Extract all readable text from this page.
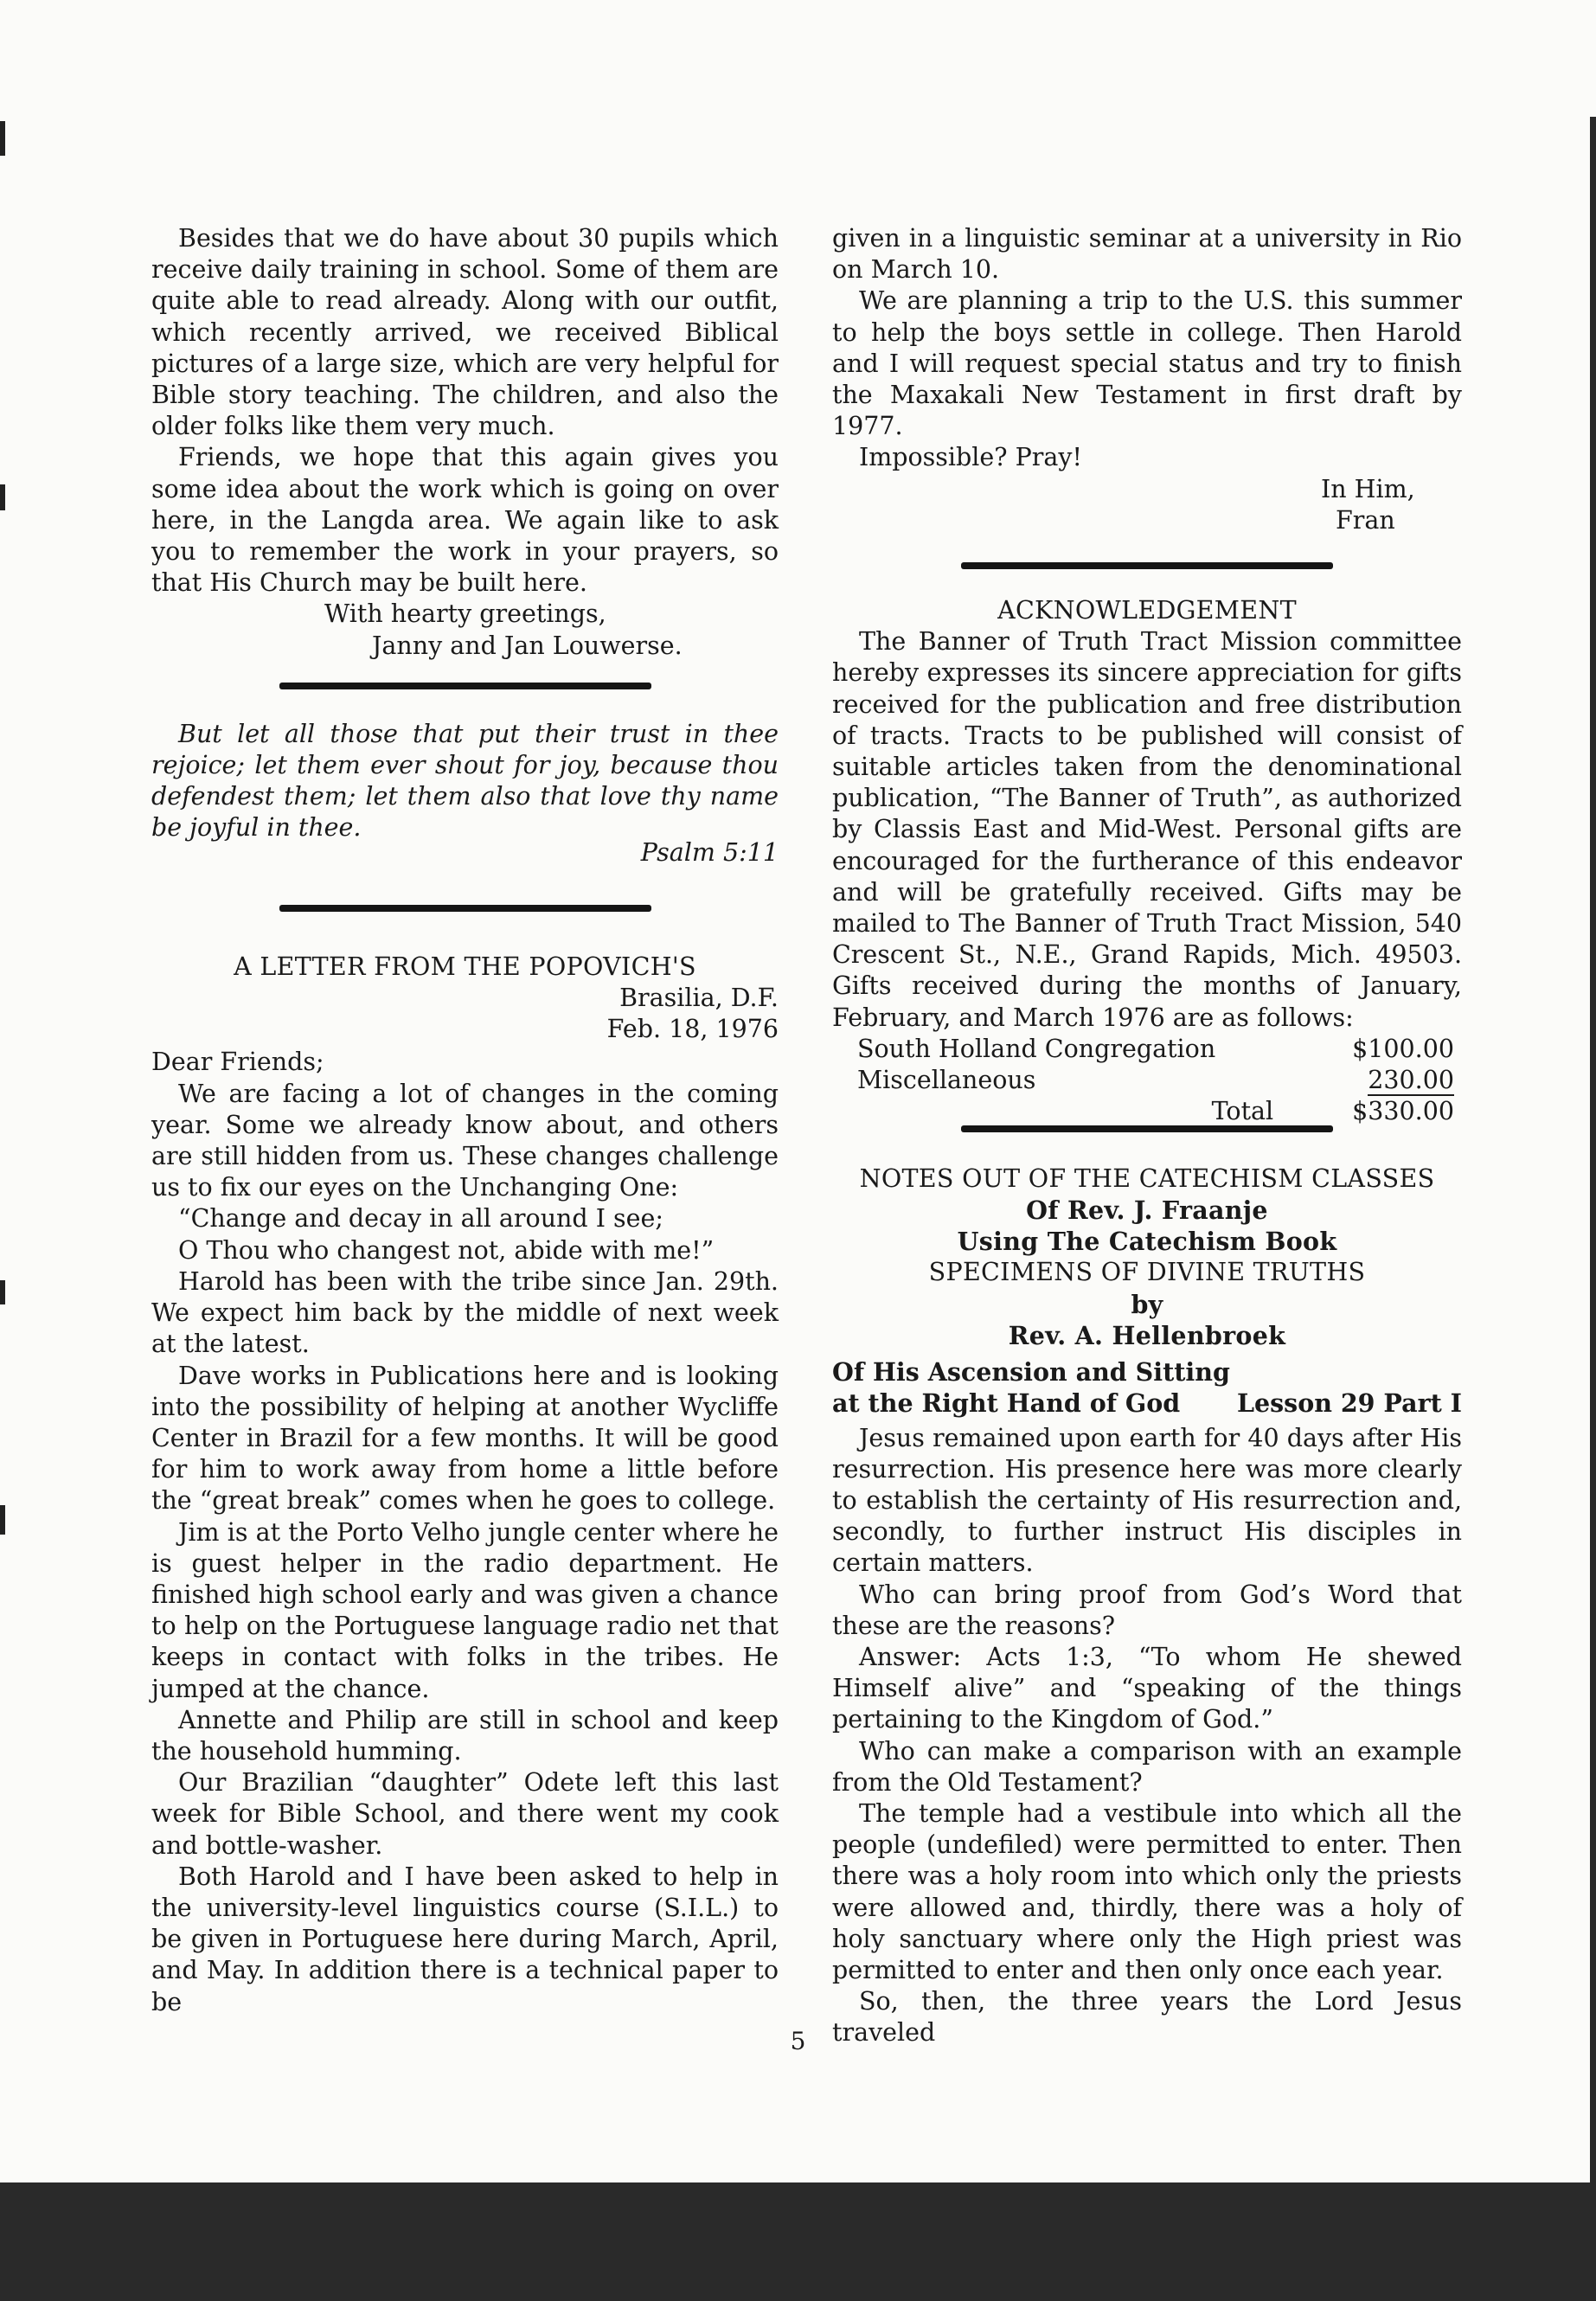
Besides that we do have about 30 pupils which receive daily training in school. Some of them are quite able to read already. Along with our outfit, which recently arrived, we received Biblical pictures of a large size, which are very helpful for Bible story teaching. The children, and also the older folks like them very much.

Friends, we hope that this again gives you some idea about the work which is going on over here, in the Langda area. We again like to ask you to remember the work in your prayers, so that His Church may be built here.

With hearty greetings,
Janny and Jan Louwerse.

But let all those that put their trust in thee rejoice; let them ever shout for joy, because thou defendest them; let them also that love thy name be joyful in thee.

Psalm 5:11
A LETTER FROM THE POPOVICH'S
Brasilia, D.F.
Feb. 18, 1976

Dear Friends;

We are facing a lot of changes in the coming year. Some we already know about, and others are still hidden from us. These changes challenge us to fix our eyes on the Unchanging One:

“Change and decay in all around I see;

O Thou who changest not, abide with me!”

Harold has been with the tribe since Jan. 29th. We expect him back by the middle of next week at the latest.

Dave works in Publications here and is looking into the possibility of helping at another Wycliffe Center in Brazil for a few months. It will be good for him to work away from home a little before the “great break” comes when he goes to college.

Jim is at the Porto Velho jungle center where he is guest helper in the radio department. He finished high school early and was given a chance to help on the Portuguese language radio net that keeps in contact with folks in the tribes. He jumped at the chance.

Annette and Philip are still in school and keep the household humming.

Our Brazilian “daughter” Odete left this last week for Bible School, and there went my cook and bottle-washer.

Both Harold and I have been asked to help in the university-level linguistics course (S.I.L.) to be given in Portuguese here during March, April, and May. In addition there is a technical paper to be

given in a linguistic seminar at a university in Rio on March 10.

We are planning a trip to the U.S. this summer to help the boys settle in college. Then Harold and I will request special status and try to finish the Maxakali New Testament in first draft by 1977.

Impossible? Pray!

In Him,
Fran
ACKNOWLEDGEMENT

The Banner of Truth Tract Mission committee hereby expresses its sincere appreciation for gifts received for the publication and free distribution of tracts. Tracts to be published will consist of suitable articles taken from the denominational publication, “The Banner of Truth”, as authorized by Classis East and Mid-West. Personal gifts are encouraged for the furtherance of this endeavor and will be gratefully received. Gifts may be mailed to The Banner of Truth Tract Mission, 540 Crescent St., N.E., Grand Rapids, Mich. 49503. Gifts received during the months of January, February, and March 1976 are as follows:

South Holland Congregation	$100.00
Miscellaneous	230.00
Total	$330.00
NOTES OUT OF THE CATECHISM CLASSES
Of Rev. J. Fraanje
Using The Catechism Book
SPECIMENS OF DIVINE TRUTHS
by
Rev. A. Hellenbroek
Of His Ascension and Sitting
at the Right Hand of God Lesson 29 Part I

Jesus remained upon earth for 40 days after His resurrection. His presence here was more clearly to establish the certainty of His resurrection and, secondly, to further instruct His disciples in certain matters.

Who can bring proof from God’s Word that these are the reasons?

Answer: Acts 1:3, “To whom He shewed Himself alive” and “speaking of the things pertaining to the Kingdom of God.”

Who can make a comparison with an example from the Old Testament?

The temple had a vestibule into which all the people (undefiled) were permitted to enter. Then there was a holy room into which only the priests were allowed and, thirdly, there was a holy of holy sanctuary where only the High priest was permitted to enter and then only once each year.

So, then, the three years the Lord Jesus traveled

5
